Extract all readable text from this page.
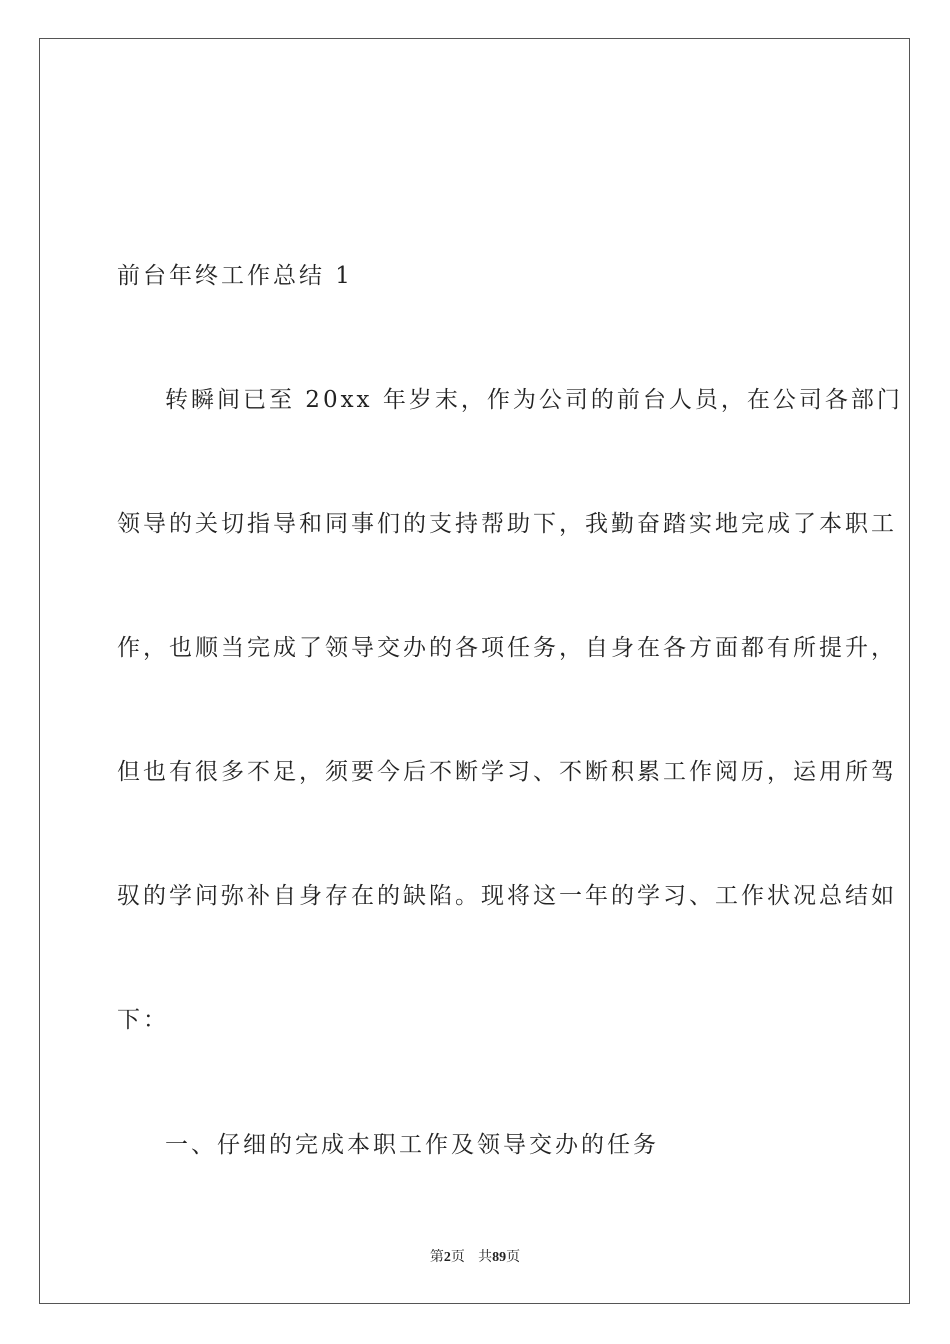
前台年终工作总结 1
转瞬间已至 20xx 年岁末，作为公司的前台人员，在公司各部门
领导的关切指导和同事们的支持帮助下，我勤奋踏实地完成了本职工
作，也顺当完成了领导交办的各项任务，自身在各方面都有所提升，
但也有很多不足，须要今后不断学习、不断积累工作阅历，运用所驾
驭的学问弥补自身存在的缺陷。现将这一年的学习、工作状况总结如
下：
一、仔细的完成本职工作及领导交办的任务
第2页 共89页
